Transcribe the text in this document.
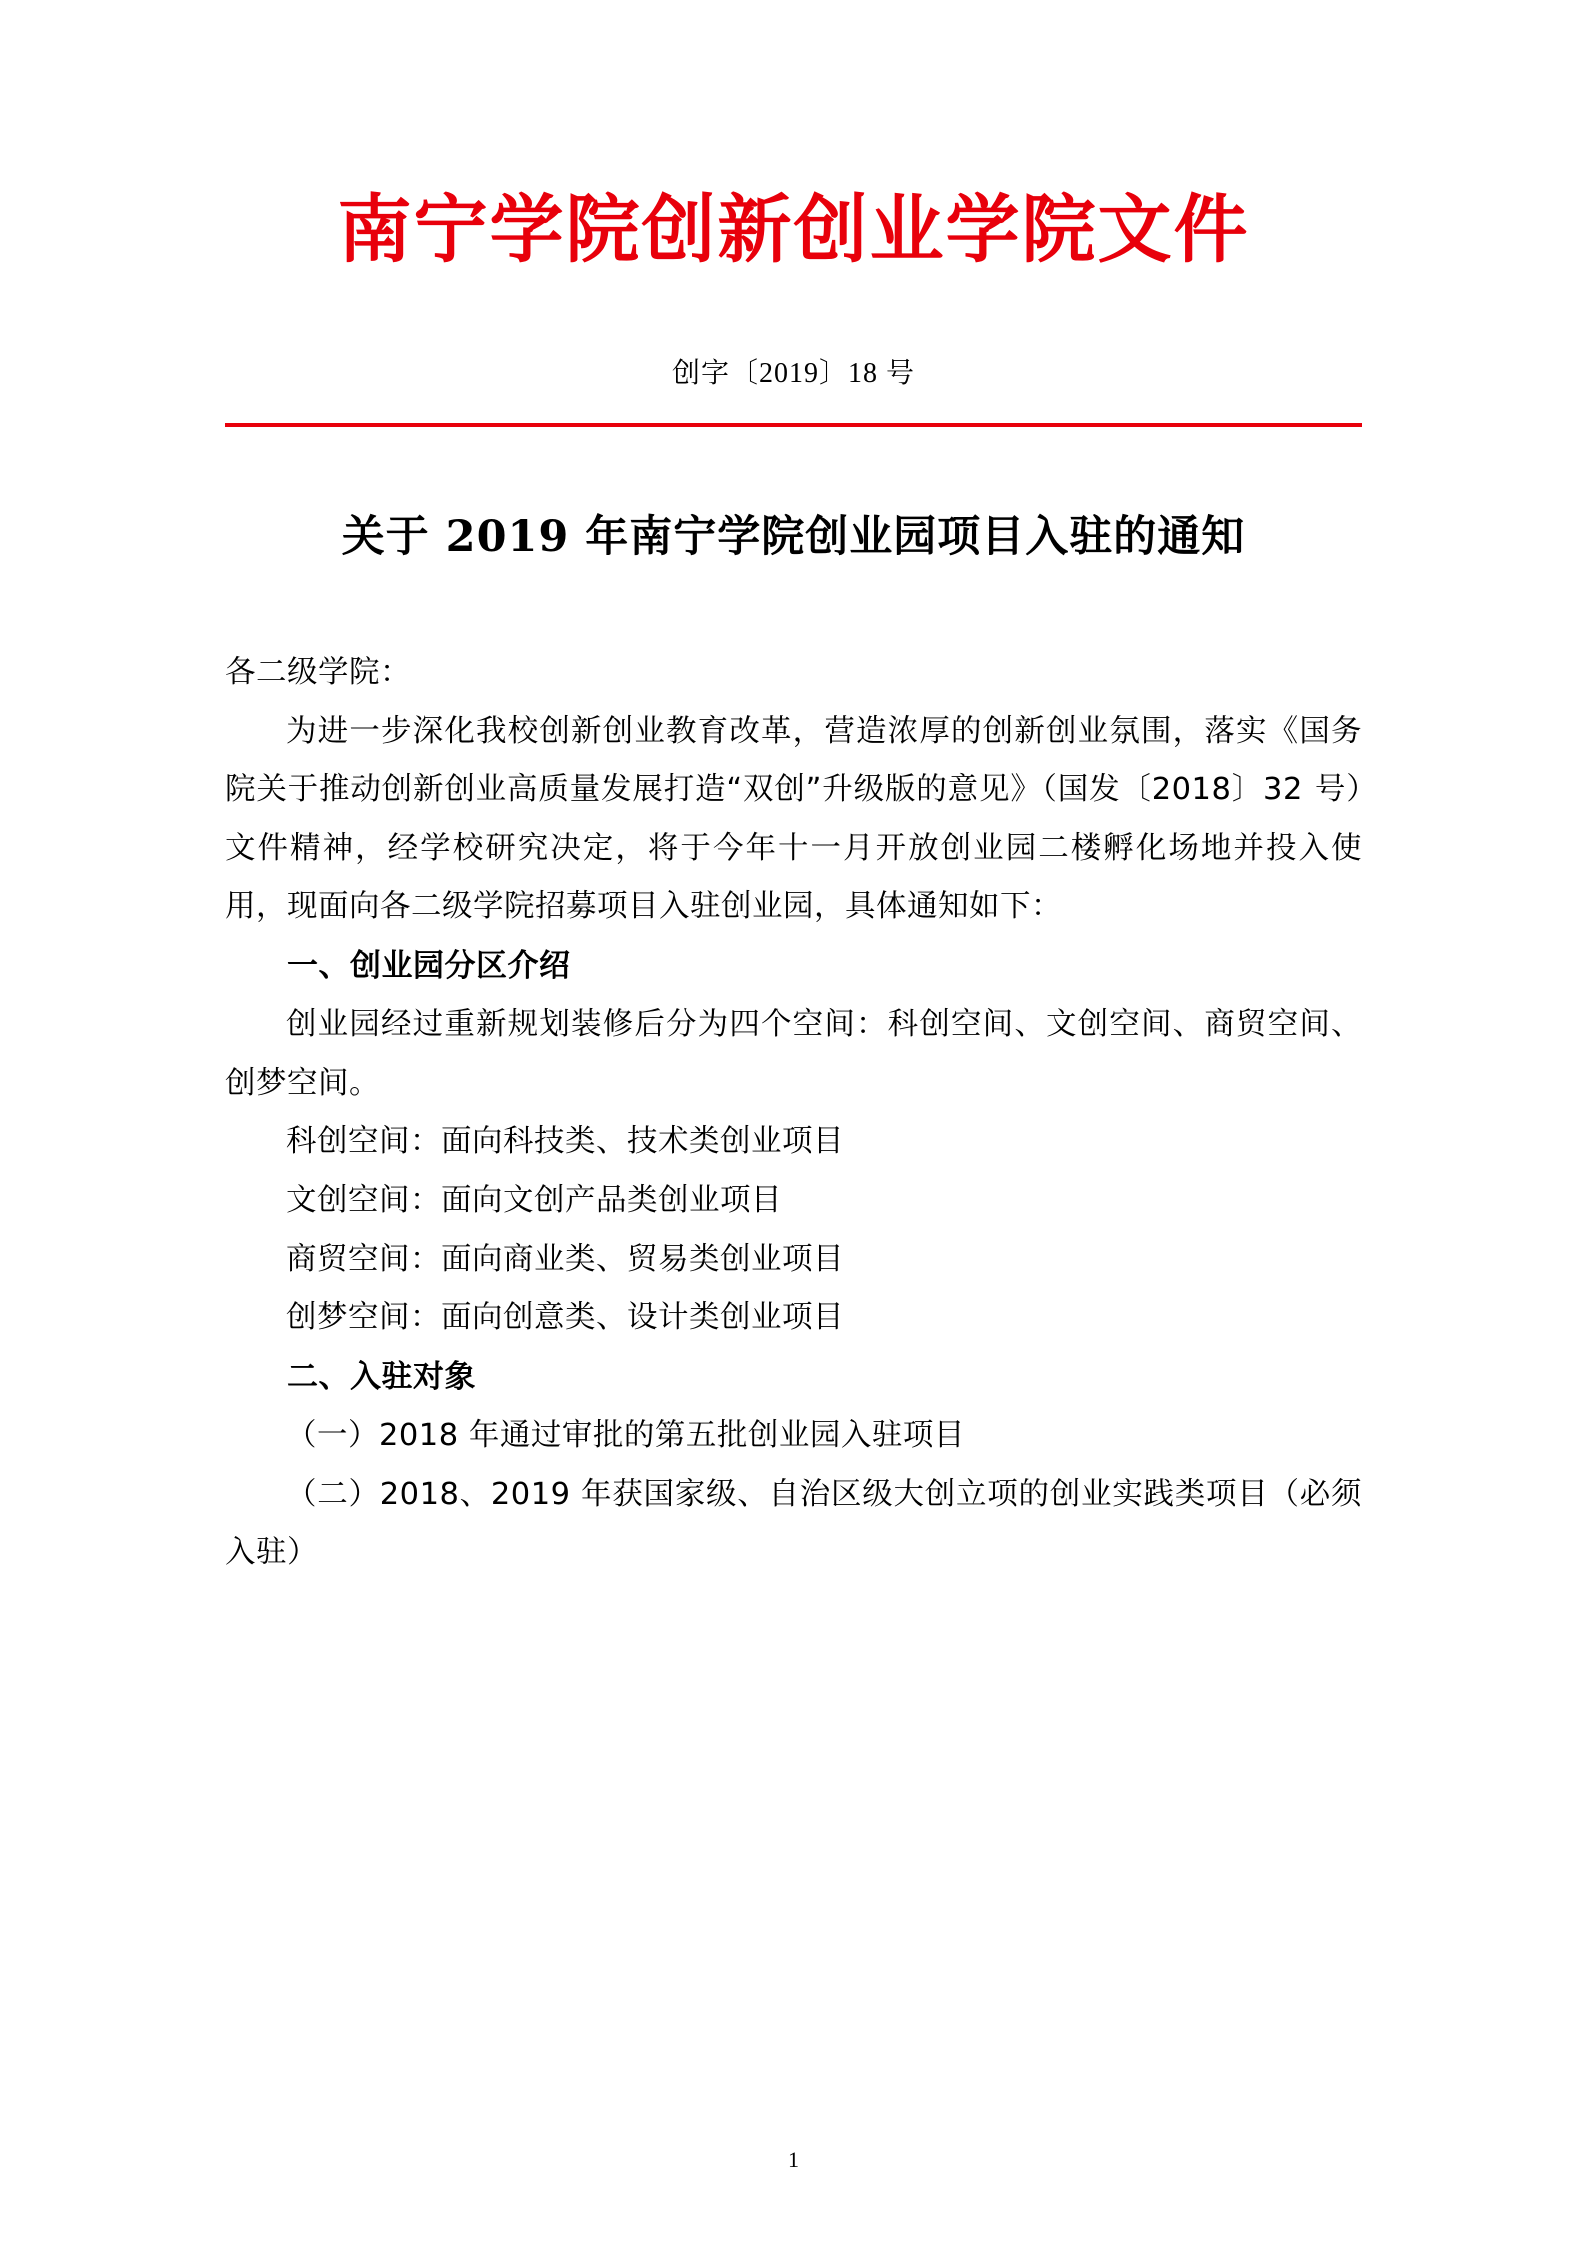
南宁学院创新创业学院文件
创字〔2019〕18 号
关于 2019 年南宁学院创业园项目入驻的通知

各二级学院：

为进一步深化我校创新创业教育改革，营造浓厚的创新创业氛围，落实《国务院关于推动创新创业高质量发展打造“双创”升级版的意见》（国发〔2018〕32 号）文件精神，经学校研究决定，将于今年十一月开放创业园二楼孵化场地并投入使用，现面向各二级学院招募项目入驻创业园，具体通知如下：

一、创业园分区介绍

创业园经过重新规划装修后分为四个空间：科创空间、文创空间、商贸空间、创梦空间。

科创空间：面向科技类、技术类创业项目

文创空间：面向文创产品类创业项目

商贸空间：面向商业类、贸易类创业项目

创梦空间：面向创意类、设计类创业项目

二、入驻对象

（一）2018 年通过审批的第五批创业园入驻项目

（二）2018、2019 年获国家级、自治区级大创立项的创业实践类项目（必须入驻）

1
